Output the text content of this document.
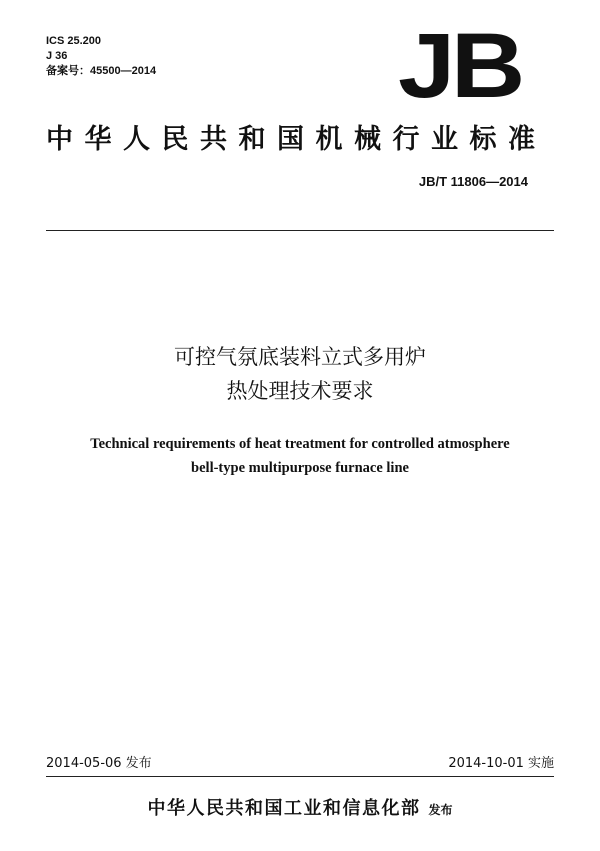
ICS 25.200
J 36
备案号：45500—2014	JB
中华人民共和国机械行业标准
JB/T 11806—2014
可控气氛底装料立式多用炉
热处理技术要求
Technical requirements of heat treatment for controlled atmosphere
bell-type multipurpose furnace line
2014-05-06 发布	2014-10-01 实施
中华人民共和国工业和信息化部 发布
